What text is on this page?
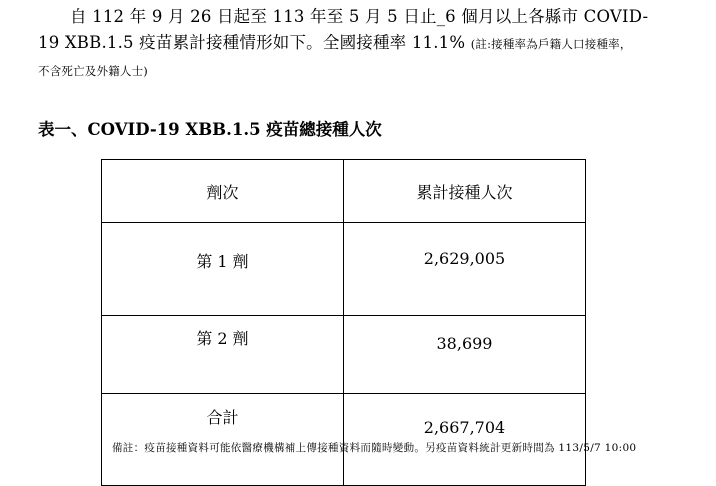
自 112 年 9 月 26 日起至 113 年至 5 月 5 日止_6 個月以上各縣市 COVID-
19 XBB.1.5 疫苗累計接種情形如下。全國接種率 11.1% (註:接種率為戶籍人口接種率，
不含死亡及外籍人士)
表一、COVID-19 XBB.1.5 疫苗總接種人次
劑次	累計接種人次
第 1 劑	2,629,005
第 2 劑	38,699
合計	2,667,704
備註：疫苗接種資料可能依醫療機構補上傳接種資料而隨時變動。另疫苗資料統計更新時間為 113/5/7 10:00
